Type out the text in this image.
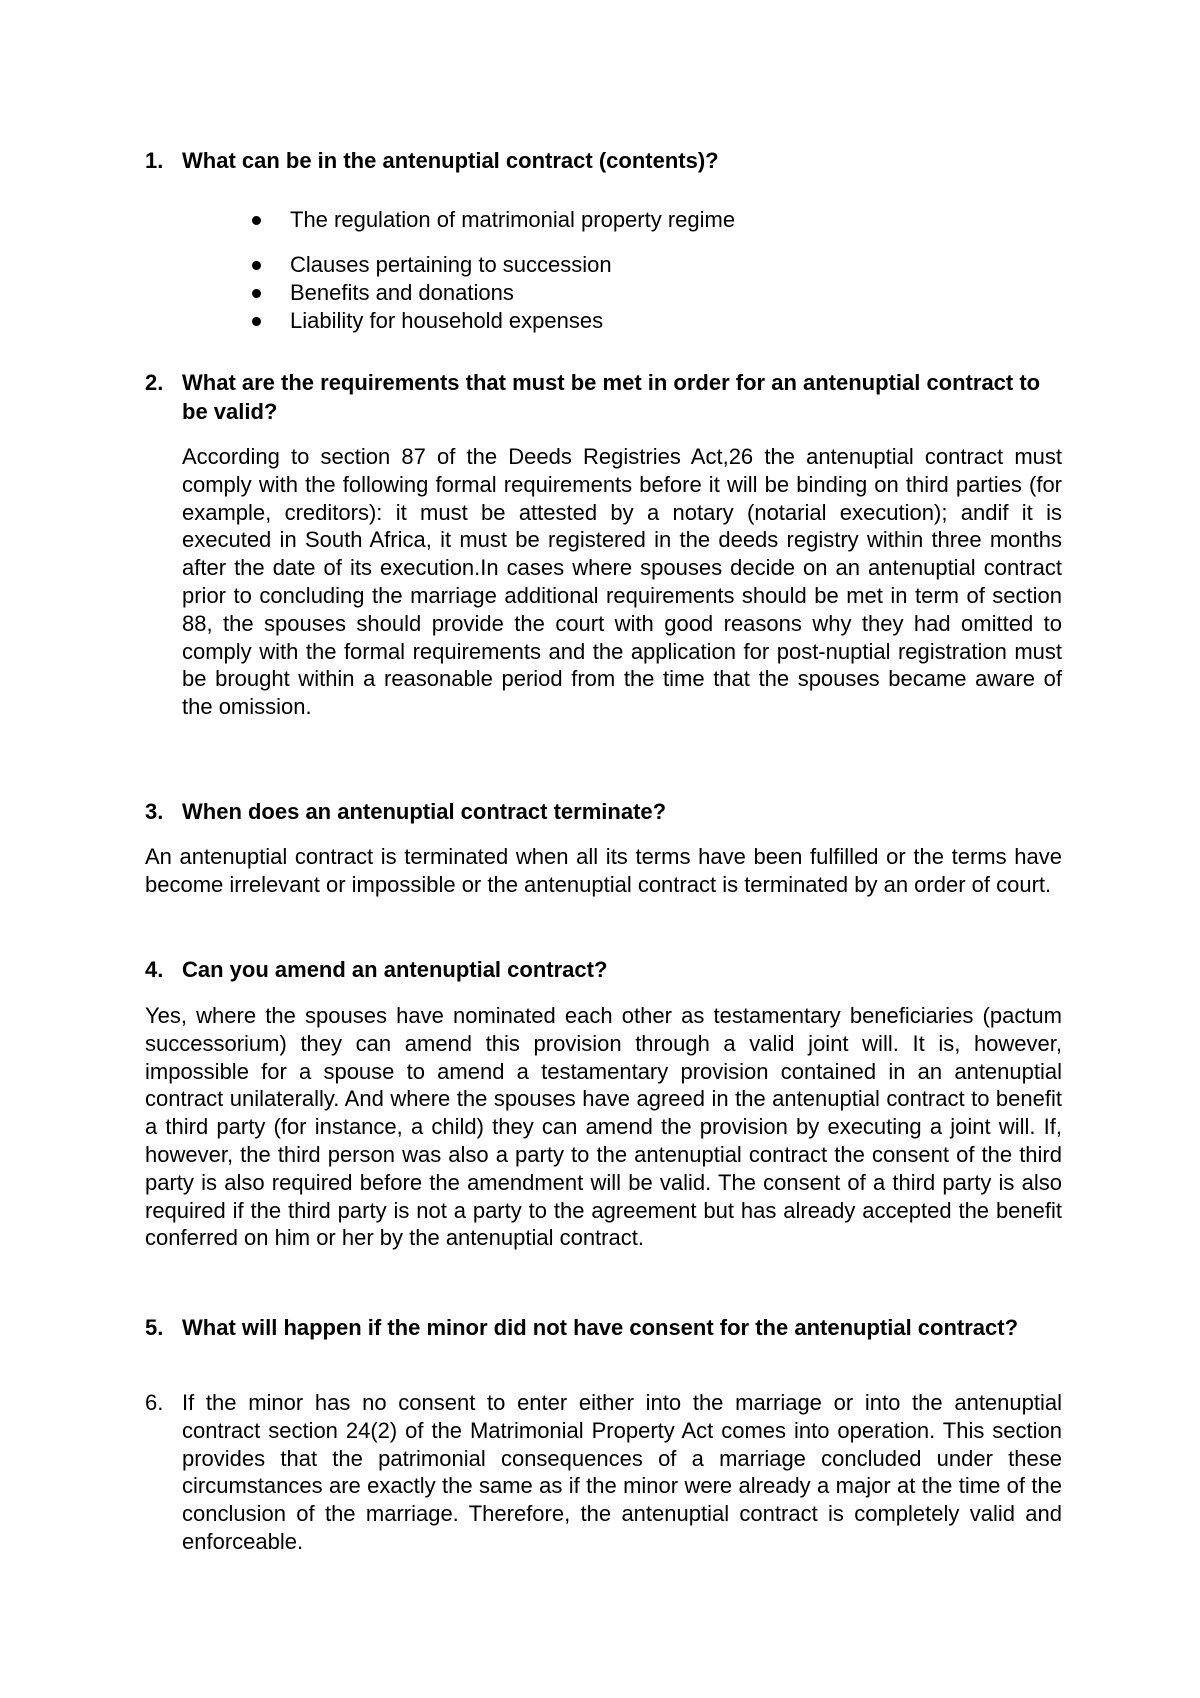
1. What can be in the antenuptial contract (contents)?
The regulation of matrimonial property regime
Clauses pertaining to succession
Benefits and donations
Liability for household expenses
2. What are the requirements that must be met in order for an antenuptial contract to be valid?

According to section 87 of the Deeds Registries Act,26 the antenuptial contract must comply with the following formal requirements before it will be binding on third parties (for example, creditors): it must be attested by a notary (notarial execution); andif it is executed in South Africa, it must be registered in the deeds registry within three months after the date of its execution.In cases where spouses decide on an antenuptial contract prior to concluding the marriage additional requirements should be met in term of section 88, the spouses should provide the court with good reasons why they had omitted to comply with the formal requirements and the application for post-nuptial registration must be brought within a reasonable period from the time that the spouses became aware of the omission.

3. When does an antenuptial contract terminate?

An antenuptial contract is terminated when all its terms have been fulfilled or the terms have become irrelevant or impossible or the antenuptial contract is terminated by an order of court.

4. Can you amend an antenuptial contract?

Yes, where the spouses have nominated each other as testamentary beneficiaries (pactum successorium) they can amend this provision through a valid joint will. It is, however, impossible for a spouse to amend a testamentary provision contained in an antenuptial contract unilaterally. And where the spouses have agreed in the antenuptial contract to benefit a third party (for instance, a child) they can amend the provision by executing a joint will. If, however, the third person was also a party to the antenuptial contract the consent of the third party is also required before the amendment will be valid. The consent of a third party is also required if the third party is not a party to the agreement but has already accepted the benefit conferred on him or her by the antenuptial contract.

5. What will happen if the minor did not have consent for the antenuptial contract?
6. If the minor has no consent to enter either into the marriage or into the antenuptial contract section 24(2) of the Matrimonial Property Act comes into operation. This section provides that the patrimonial consequences of a marriage concluded under these circumstances are exactly the same as if the minor were already a major at the time of the conclusion of the marriage. Therefore, the antenuptial contract is completely valid and enforceable.
